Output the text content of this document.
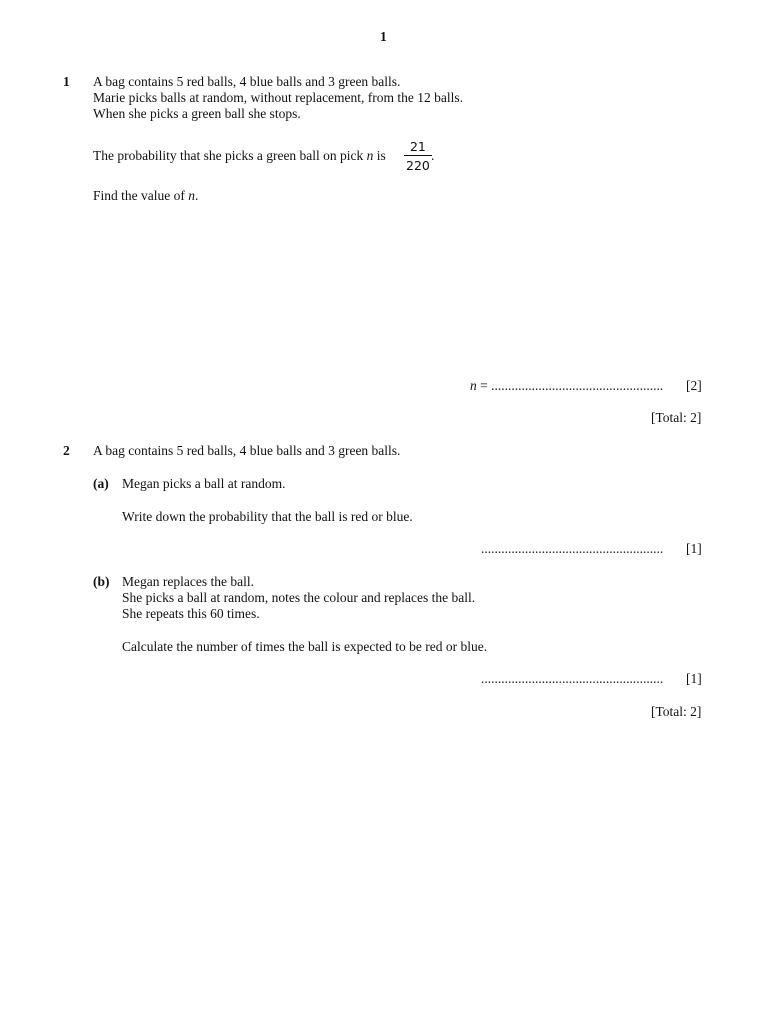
1
1 A bag contains 5 red balls, 4 blue balls and 3 green balls.
Marie picks balls at random, without replacement, from the 12 balls.
When she picks a green ball she stops.
The probability that she picks a green ball on pick n is
21
220
.
Find the value of n.
n = ................................................... [2]
[Total: 2]
2 A bag contains 5 red balls, 4 blue balls and 3 green balls.
(a) Megan picks a ball at random.
Write down the probability that the ball is red or blue.
...................................................... [1]
(b) Megan replaces the ball.
She picks a ball at random, notes the colour and replaces the ball.
She repeats this 60 times.
Calculate the number of times the ball is expected to be red or blue.
...................................................... [1]
[Total: 2]
